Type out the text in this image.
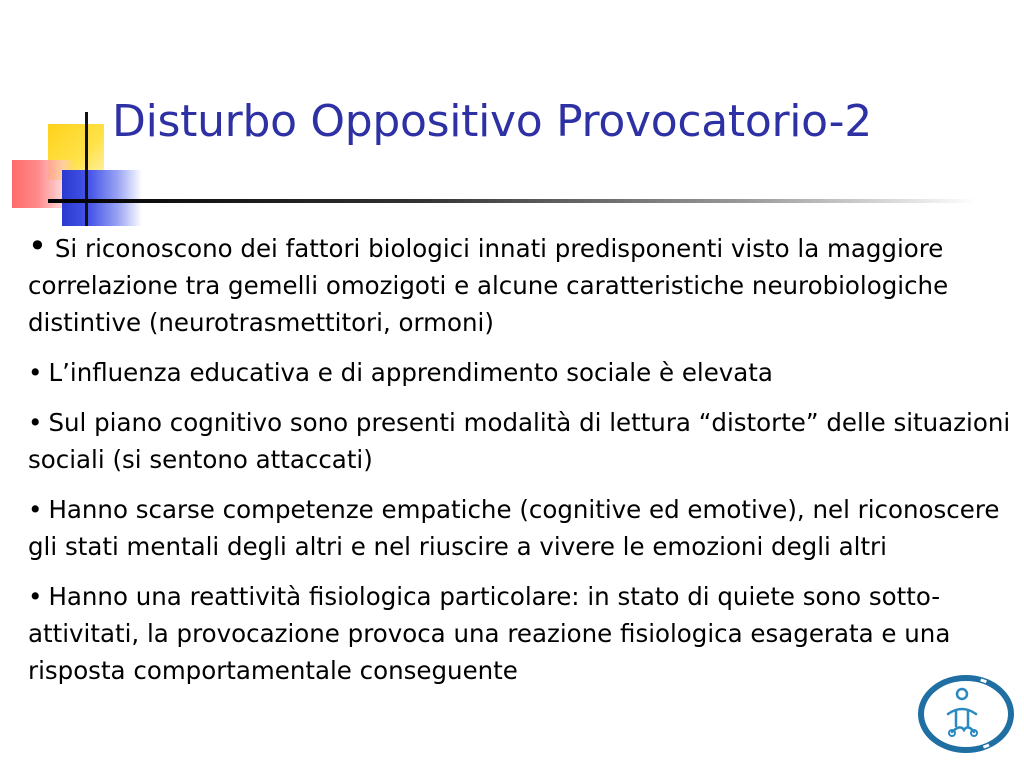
Disturbo Oppositivo Provocatorio-2

• Si riconoscono dei fattori biologici innati predisponenti visto la maggiore correlazione tra gemelli omozigoti e alcune caratteristiche neurobiologiche distintive (neurotrasmettitori, ormoni)

• L’influenza educativa e di apprendimento sociale è elevata

• Sul piano cognitivo sono presenti modalità di lettura “distorte” delle situazioni sociali (si sentono attaccati)

• Hanno scarse competenze empatiche (cognitive ed emotive), nel riconoscere gli stati mentali degli altri e nel riuscire a vivere le emozioni degli altri

• Hanno una reattività fisiologica particolare: in stato di quiete sono sotto-attivitati, la provocazione provoca una reazione fisiologica esagerata e una risposta comportamentale conseguente
